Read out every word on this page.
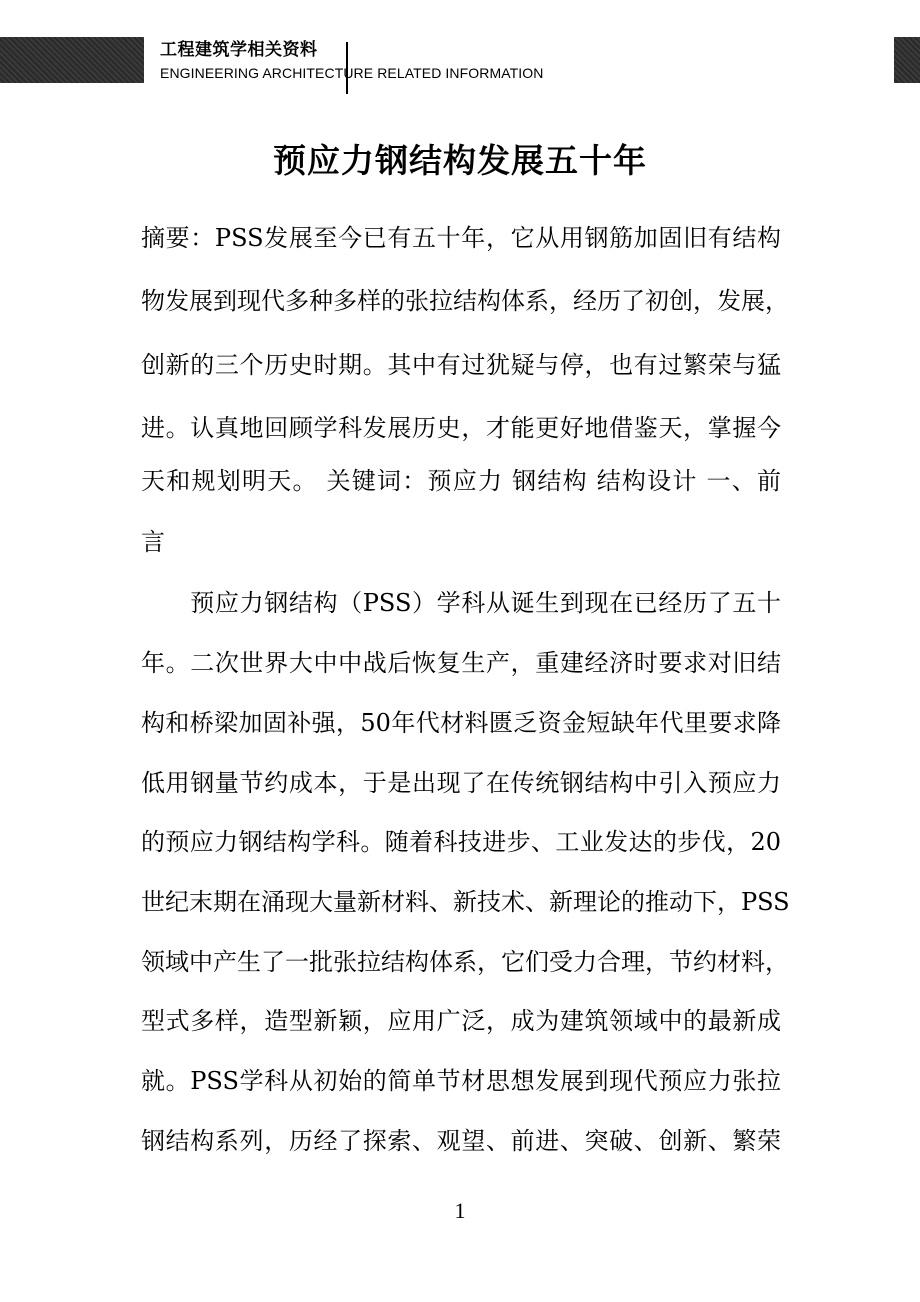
工程建筑学相关资料
ENGINEERING ARCHITECTURE RELATED INFORMATION
预应力钢结构发展五十年
摘要：PSS发展至今已有五十年，它从用钢筋加固旧有结构
物发展到现代多种多样的张拉结构体系，经历了初创，发展，
创新的三个历史时期。其中有过犹疑与停，也有过繁荣与猛
进。认真地回顾学科发展历史，才能更好地借鉴天，掌握今
天和规划明天。 关键词：预应力 钢结构 结构设计 一、前
言
　　预应力钢结构（PSS）学科从诞生到现在已经历了五十
年。二次世界大中中战后恢复生产，重建经济时要求对旧结
构和桥梁加固补强，50年代材料匮乏资金短缺年代里要求降
低用钢量节约成本，于是出现了在传统钢结构中引入预应力
的预应力钢结构学科。随着科技进步、工业发达的步伐，20
世纪末期在涌现大量新材料、新技术、新理论的推动下，PSS
领域中产生了一批张拉结构体系，它们受力合理，节约材料，
型式多样，造型新颖，应用广泛，成为建筑领域中的最新成
就。PSS学科从初始的简单节材思想发展到现代预应力张拉
钢结构系列，历经了探索、观望、前进、突破、创新、繁荣
1
